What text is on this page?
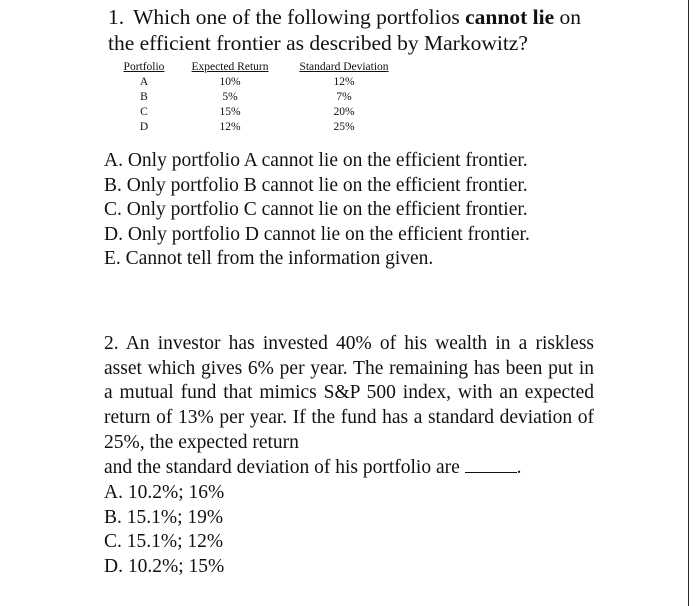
1. Which one of the following portfolios cannot lie on the efficient frontier as described by Markowitz?
Portfolio	Expected Return	Standard Deviation
A	10%	12%
B	5%	7%
C	15%	20%
D	12%	25%
A. Only portfolio A cannot lie on the efficient frontier.
B. Only portfolio B cannot lie on the efficient frontier.
C. Only portfolio C cannot lie on the efficient frontier.
D. Only portfolio D cannot lie on the efficient frontier.
E. Cannot tell from the information given.
2. An investor has invested 40% of his wealth in a riskless asset which gives 6% per year. The remaining has been put in a mutual fund that mimics S&P 500 index, with an expected return of 13% per year. If the fund has a standard deviation of 25%, the expected return
and the standard deviation of his portfolio are	.
A. 10.2%; 16%
B. 15.1%; 19%
C. 15.1%; 12%
D. 10.2%; 15%
